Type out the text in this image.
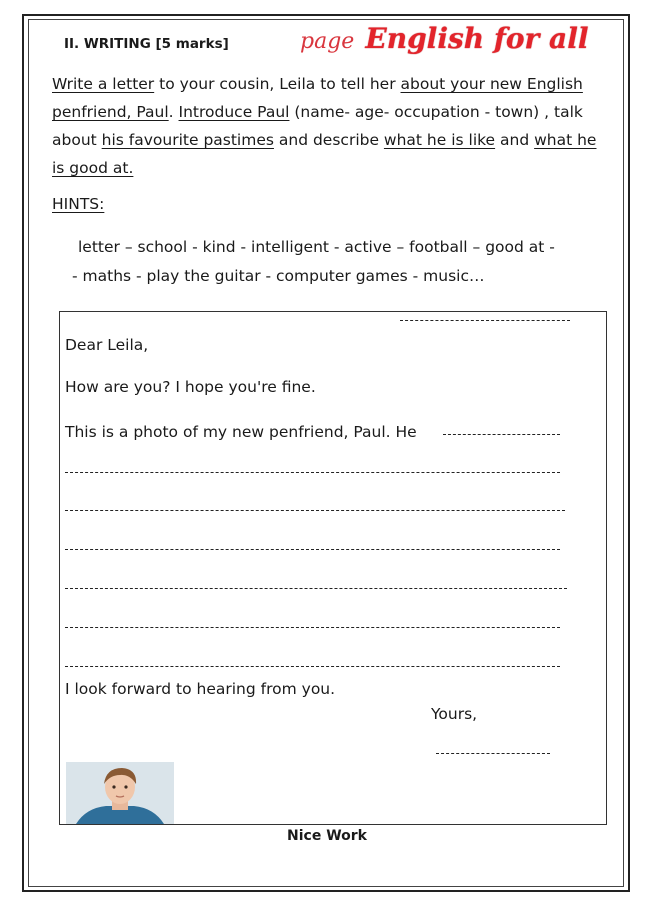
II. WRITING [5 marks]	page English for all
Write a letter to your cousin, Leila to tell her about your new English penfriend, Paul. Introduce Paul (name- age- occupation - town) , talk about his favourite pastimes and describe what he is like and what he is good at.
HINTS:
letter – school - kind - intelligent - active – football – good at -
- maths - play the guitar - computer games - music…
Dear Leila,
How are you? I hope you're fine.
This is a photo of my new penfriend, Paul. He
I look forward to hearing from you.
Yours,
Nice Work
